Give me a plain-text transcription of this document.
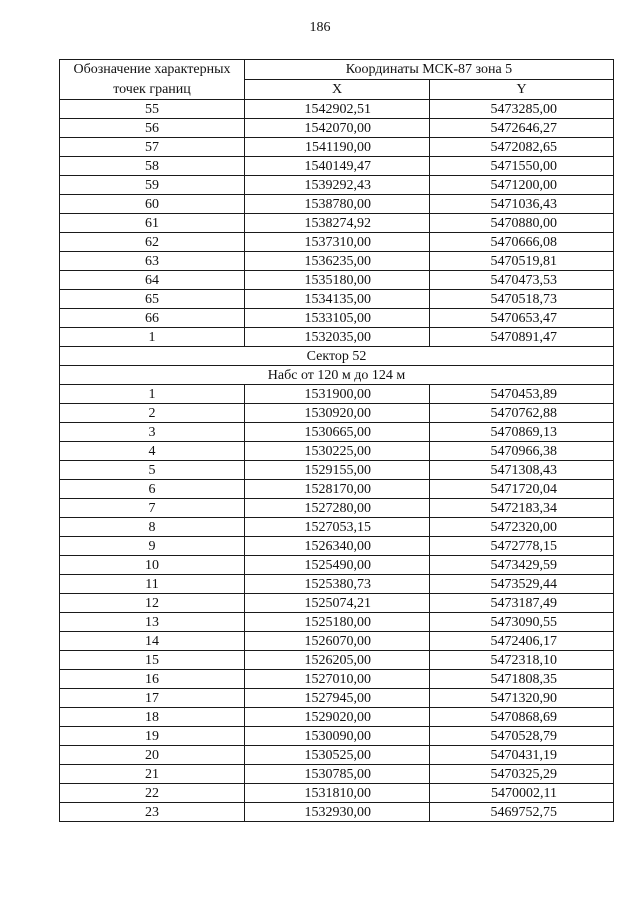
186
Обозначение характерных	Координаты МСК-87 зона 5	
точек границ	X	Y
55	1542902,51	5473285,00
56	1542070,00	5472646,27
57	1541190,00	5472082,65
58	1540149,47	5471550,00
59	1539292,43	5471200,00
60	1538780,00	5471036,43
61	1538274,92	5470880,00
62	1537310,00	5470666,08
63	1536235,00	5470519,81
64	1535180,00	5470473,53
65	1534135,00	5470518,73
66	1533105,00	5470653,47
1	1532035,00	5470891,47
Сектор 52		
Набс от 120 м до 124 м		
1	1531900,00	5470453,89
2	1530920,00	5470762,88
3	1530665,00	5470869,13
4	1530225,00	5470966,38
5	1529155,00	5471308,43
6	1528170,00	5471720,04
7	1527280,00	5472183,34
8	1527053,15	5472320,00
9	1526340,00	5472778,15
10	1525490,00	5473429,59
11	1525380,73	5473529,44
12	1525074,21	5473187,49
13	1525180,00	5473090,55
14	1526070,00	5472406,17
15	1526205,00	5472318,10
16	1527010,00	5471808,35
17	1527945,00	5471320,90
18	1529020,00	5470868,69
19	1530090,00	5470528,79
20	1530525,00	5470431,19
21	1530785,00	5470325,29
22	1531810,00	5470002,11
23	1532930,00	5469752,75
